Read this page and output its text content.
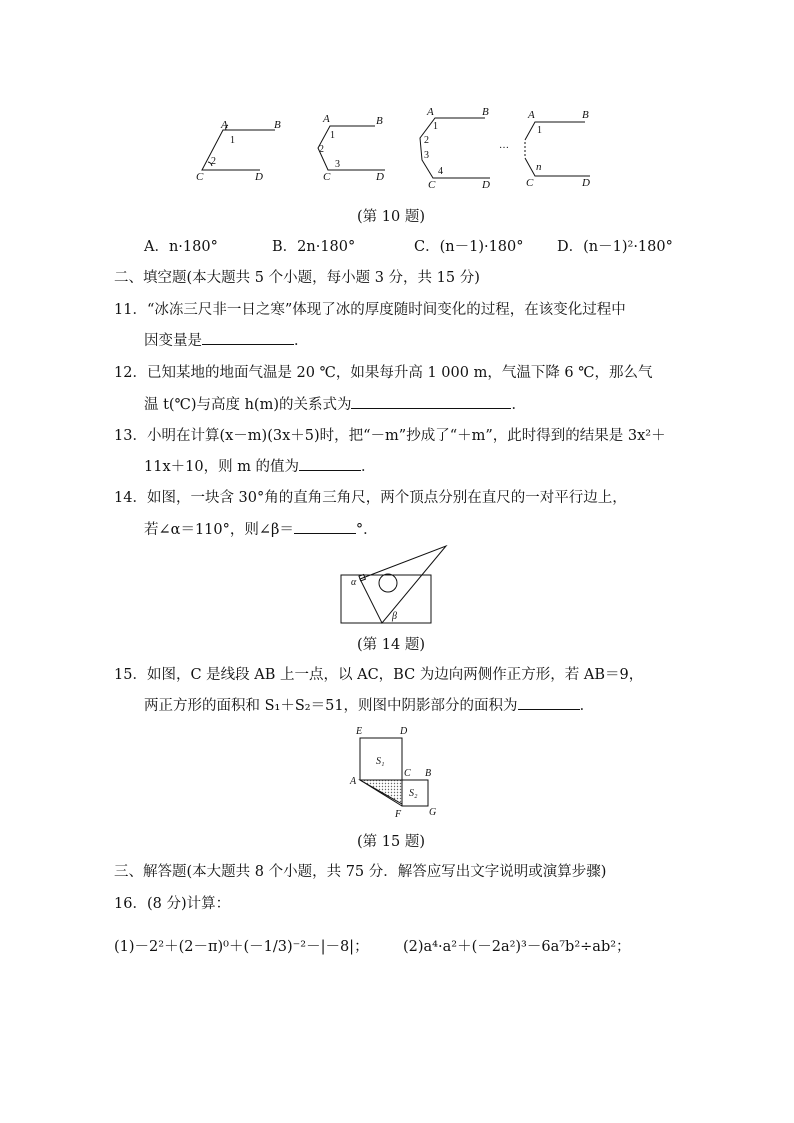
A	B
C	D
A	B
C	D
A	B
C	D
A	B
C	D
n
1
2
1
2
3
1
2
3
4
1
…
(第 10 题)
A．n·180°	B．2n·180°	C．(n－1)·180° D．(n－1)²·180°
二、填空题(本大题共 5 个小题，每小题 3 分，共 15 分)
11．“冰冻三尺非一日之寒”体现了冰的厚度随时间变化的过程，在该变化过程中
因变量是	．
12．已知某地的地面气温是 20 ℃，如果每升高 1 000 m，气温下降 6 ℃，那么气
温 t(℃)与高度 h(m)的关系式为	．
13．小明在计算(x－m)(3x＋5)时，把“－m”抄成了“＋m”，此时得到的结果是 3x²＋
11x＋10，则 m 的值为	．
14．如图，一块含 30°角的直角三角尺，两个顶点分别在直尺的一对平行边上，
若∠α＝110°，则∠β＝	°．
α
β
(第 14 题)
15．如图，C 是线段 AB 上一点，以 AC，BC 为边向两侧作正方形，若 AB＝9，
两正方形的面积和 S₁＋S₂＝51，则图中阴影部分的面积为	．
E	D
A
C B
F	G
S₁
S₂
(第 15 题)
三、解答题(本大题共 8 个小题，共 75 分．解答应写出文字说明或演算步骤)
16．(8 分)计算：
(1)－2²＋(2－π)⁰＋(－1/3)⁻²－|－8|； (2)a⁴·a²＋(－2a²)³－6a⁷b²÷ab²；
